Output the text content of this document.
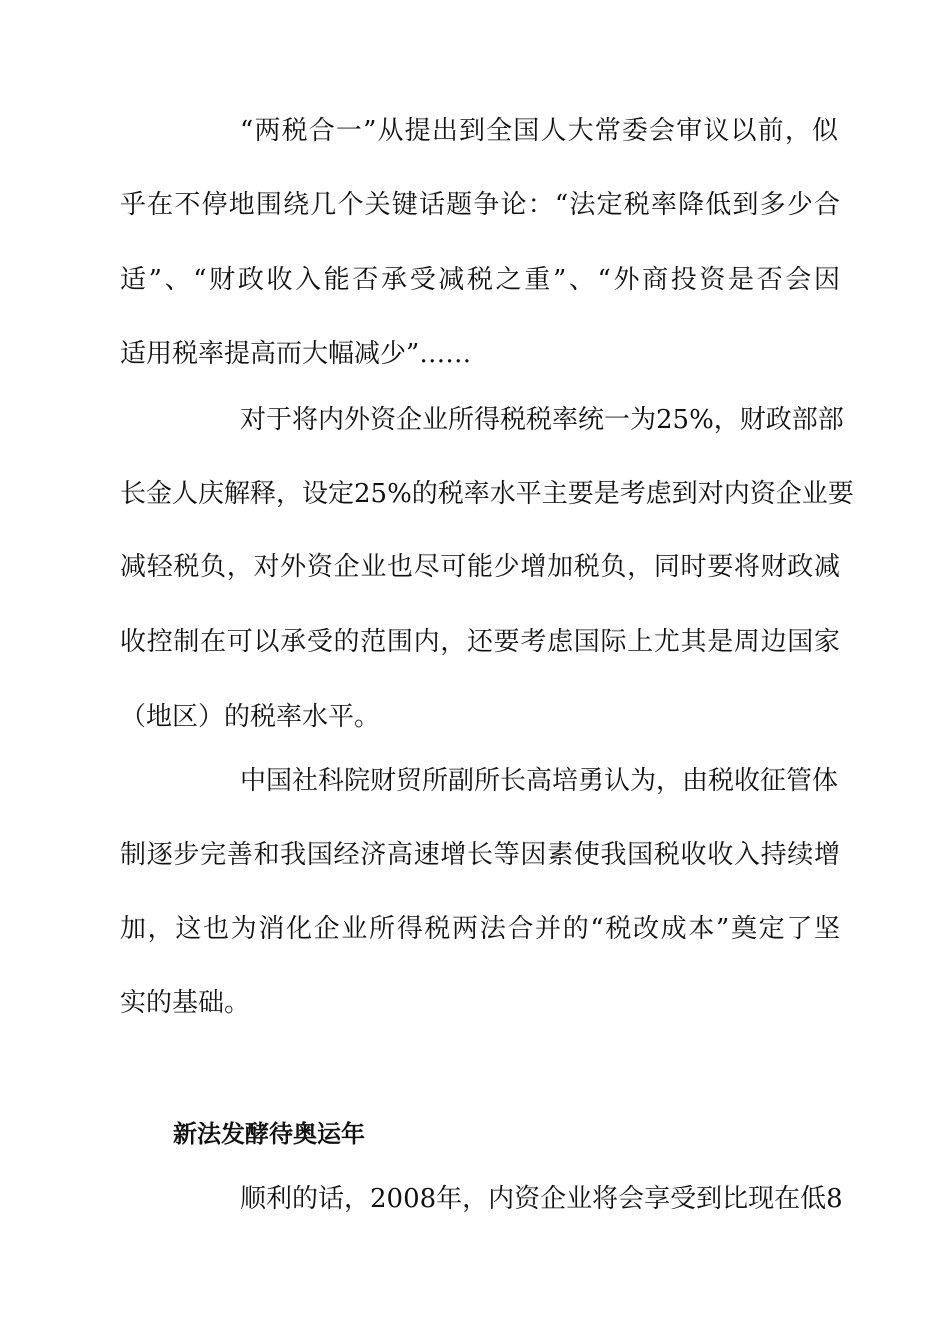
“两税合一”从提出到全国人大常委会审议以前，似
乎在不停地围绕几个关键话题争论：“法定税率降低到多少合
适”、“财政收入能否承受减税之重”、“外商投资是否会因
适用税率提高而大幅减少”……
对于将内外资企业所得税税率统一为25%，财政部部
长金人庆解释，设定25%的税率水平主要是考虑到对内资企业要
减轻税负，对外资企业也尽可能少增加税负，同时要将财政减
收控制在可以承受的范围内，还要考虑国际上尤其是周边国家
（地区）的税率水平。
中国社科院财贸所副所长高培勇认为，由税收征管体
制逐步完善和我国经济高速增长等因素使我国税收收入持续增
加，这也为消化企业所得税两法合并的“税改成本”奠定了坚
实的基础。
新法发酵待奥运年
顺利的话，2008年，内资企业将会享受到比现在低8
